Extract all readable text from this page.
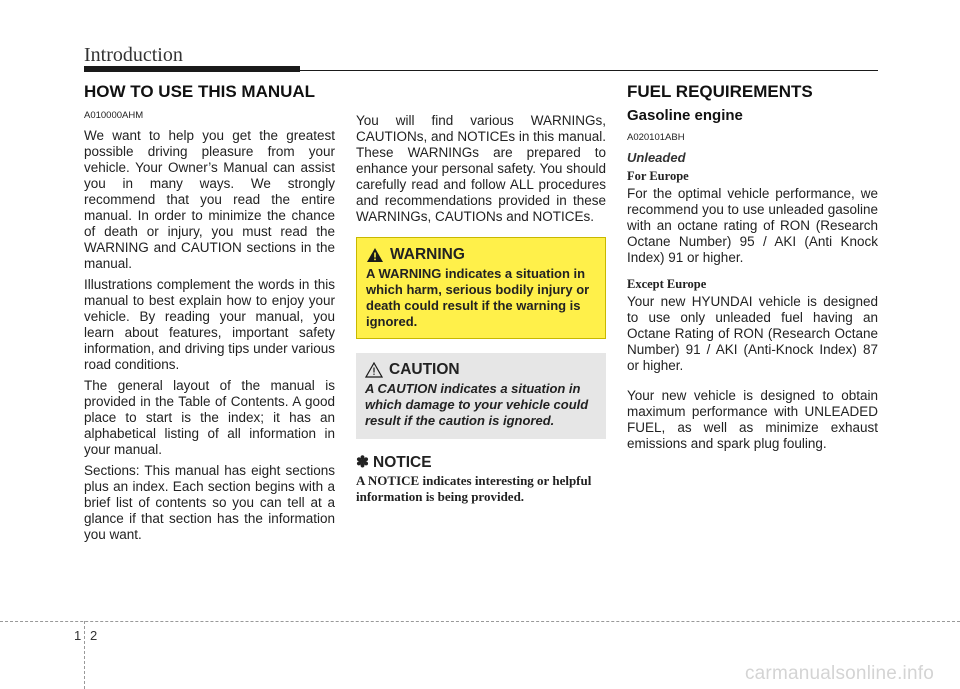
Introduction
HOW TO USE THIS MANUAL
A010000AHM

We want to help you get the greatest possible driving pleasure from your vehicle. Your Owner’s Manual can assist you in many ways. We strongly recommend that you read the entire manual. In order to minimize the chance of death or injury, you must read the WARNING and CAUTION sections in the manual.

Illustrations complement the words in this manual to best explain how to enjoy your vehicle. By reading your manual, you learn about features, important safety information, and driving tips under various road conditions.

The general layout of the manual is provided in the Table of Contents. A good place to start is the index; it has an alphabetical listing of all information in your manual.

Sections: This manual has eight sections plus an index. Each section begins with a brief list of contents so you can tell at a glance if that section has the information you want.

You will find various WARNINGs, CAUTIONs, and NOTICEs in this manual. These WARNINGs are prepared to enhance your personal safety. You should carefully read and follow ALL procedures and recommendations provided in these WARNINGs, CAUTIONs and NOTICEs.

WARNING
A WARNING indicates a situation in which harm, serious bodily injury or death could result if the warning is ignored.
CAUTION
A CAUTION indicates a situation in which damage to your vehicle could result if the caution is ignored.
✽ NOTICE
A NOTICE indicates interesting or helpful information is being provided.
FUEL REQUIREMENTS
Gasoline engine
A020101ABH
Unleaded
For Europe

For the optimal vehicle performance, we recommend you to use unleaded gasoline with an octane rating of RON (Research Octane Number) 95 / AKI (Anti Knock Index) 91 or higher.

Except Europe

Your new HYUNDAI vehicle is designed to use only unleaded fuel having an Octane Rating of RON (Research Octane Number) 91 / AKI (Anti-Knock Index) 87 or higher.

Your new vehicle is designed to obtain maximum performance with UNLEADED FUEL, as well as minimize exhaust emissions and spark plug fouling.

1 2
carmanualsonline.info
